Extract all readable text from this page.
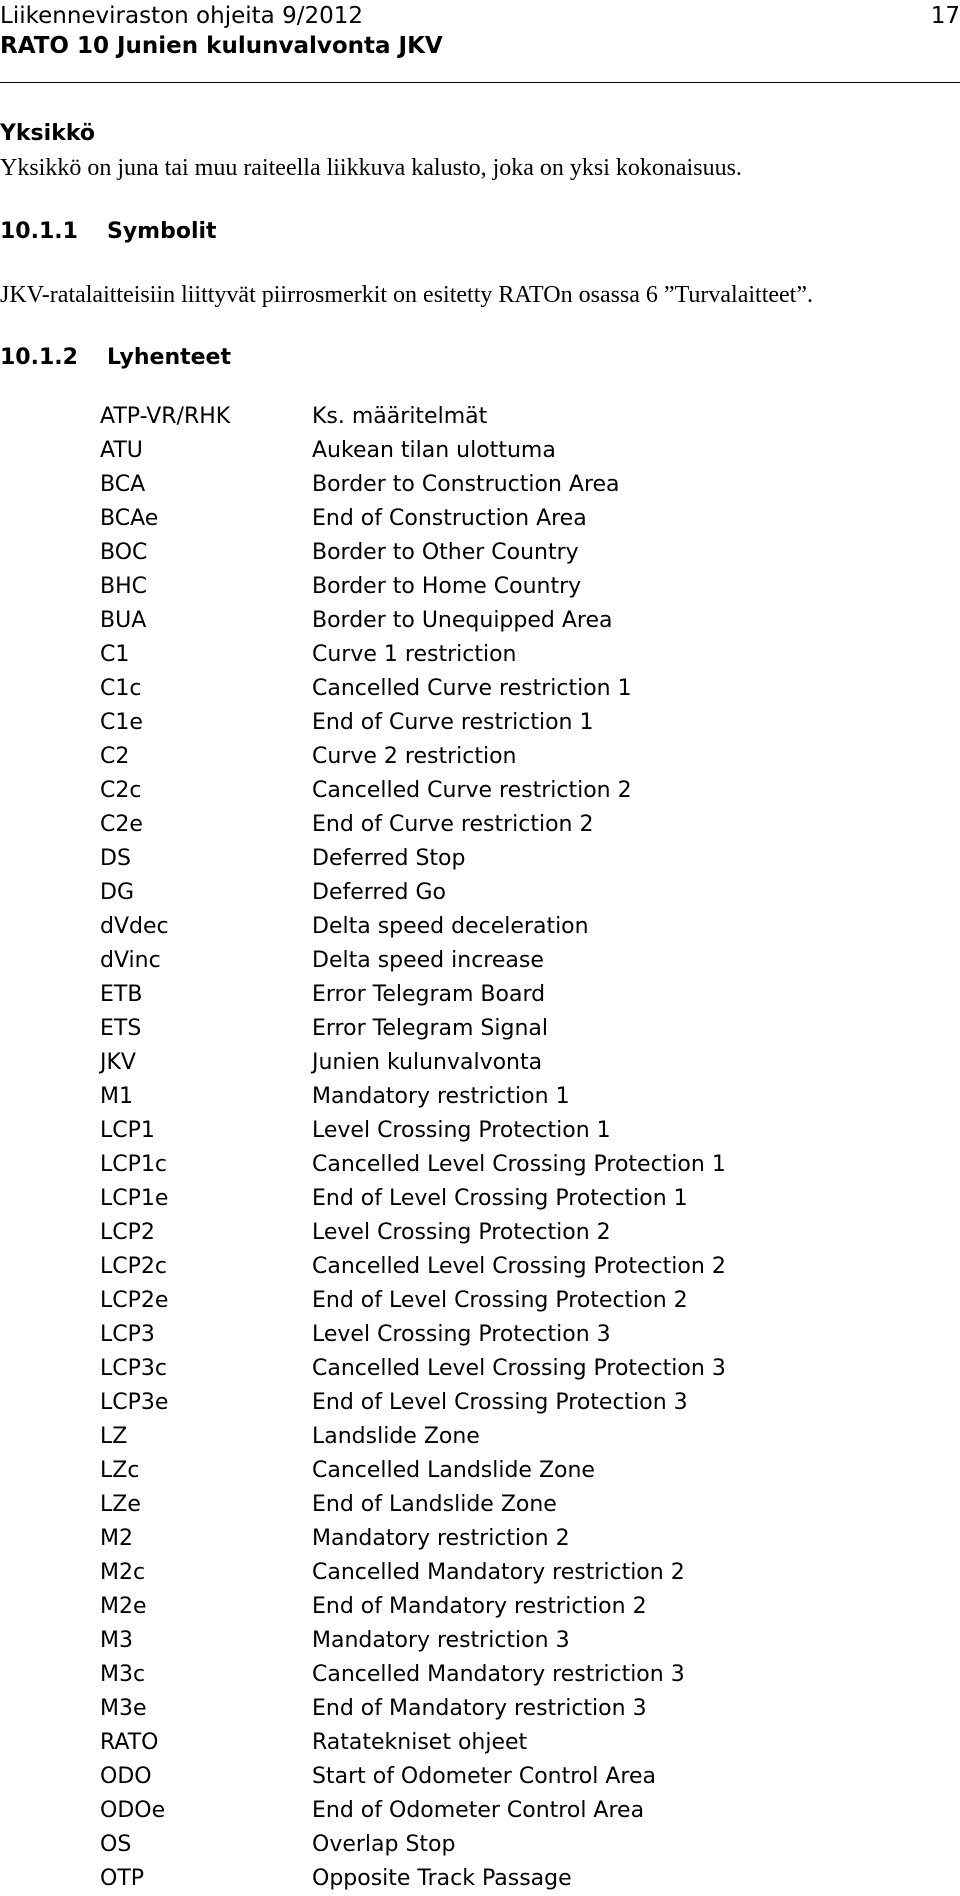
Liikenneviraston ohjeita 9/2012
RATO 10 Junien kulunvalvonta JKV
17
Yksikkö
Yksikkö on juna tai muu raiteella liikkuva kalusto, joka on yksi kokonaisuus.
10.1.1 Symbolit
JKV-ratalaitteisiin liittyvät piirrosmerkit on esitetty RATOn osassa 6 ”Turvalaitteet”.
10.1.2 Lyhenteet
ATP-VR/RHK	Ks. määritelmät
ATU	Aukean tilan ulottuma
BCA	Border to Construction Area
BCAe	End of Construction Area
BOC	Border to Other Country
BHC	Border to Home Country
BUA	Border to Unequipped Area
C1	Curve 1 restriction
C1c	Cancelled Curve restriction 1
C1e	End of Curve restriction 1
C2	Curve 2 restriction
C2c	Cancelled Curve restriction 2
C2e	End of Curve restriction 2
DS	Deferred Stop
DG	Deferred Go
dVdec	Delta speed deceleration
dVinc	Delta speed increase
ETB	Error Telegram Board
ETS	Error Telegram Signal
JKV	Junien kulunvalvonta
M1	Mandatory restriction 1
LCP1	Level Crossing Protection 1
LCP1c	Cancelled Level Crossing Protection 1
LCP1e	End of Level Crossing Protection 1
LCP2	Level Crossing Protection 2
LCP2c	Cancelled Level Crossing Protection 2
LCP2e	End of Level Crossing Protection 2
LCP3	Level Crossing Protection 3
LCP3c	Cancelled Level Crossing Protection 3
LCP3e	End of Level Crossing Protection 3
LZ	Landslide Zone
LZc	Cancelled Landslide Zone
LZe	End of Landslide Zone
M2	Mandatory restriction 2
M2c	Cancelled Mandatory restriction 2
M2e	End of Mandatory restriction 2
M3	Mandatory restriction 3
M3c	Cancelled Mandatory restriction 3
M3e	End of Mandatory restriction 3
RATO	Ratatekniset ohjeet
ODO	Start of Odometer Control Area
ODOe	End of Odometer Control Area
OS	Overlap Stop
OTP	Opposite Track Passage
